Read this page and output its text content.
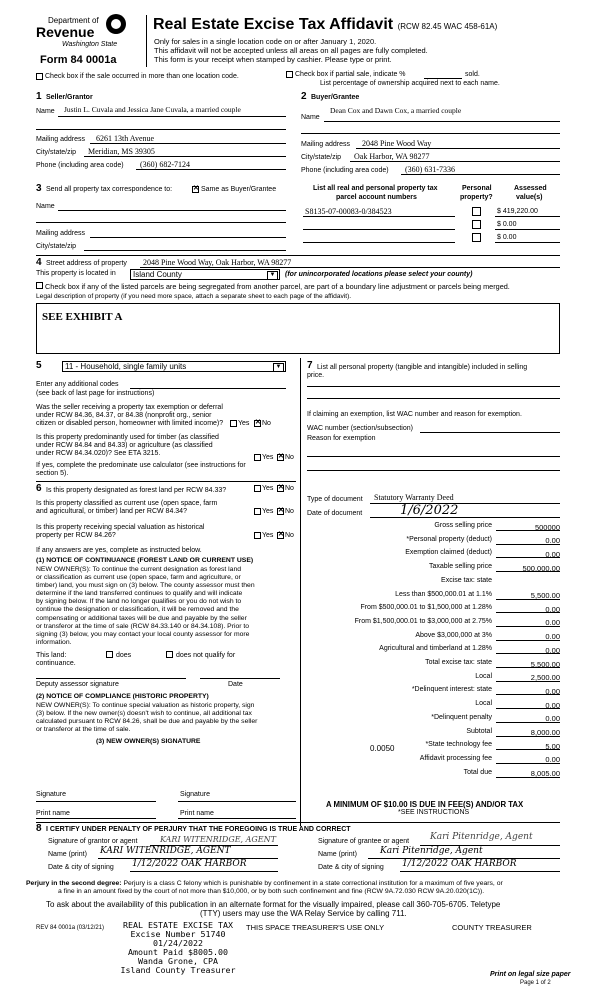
Department of
Revenue
Washington State
Form 84 0001a
Real Estate Excise Tax Affidavit (RCW 82.45 WAC 458-61A)
Only for sales in a single location code on or after January 1, 2020.
This affidavit will not be accepted unless all areas on all pages are fully completed.
This form is your receipt when stamped by cashier. Please type or print.
Check box if the sale occurred in more than one location code.	Check box if partial sale, indicate %	sold.
List percentage of ownership acquired next to each name.
1 Seller/Grantor
Name Justin L. Cuvala and Jessica Jane Cuvala, a married couple
Mailing address 6261 13th Avenue
City/state/zip Meridian, MS 39305
Phone (including area code) (360) 682-7124
2 Buyer/Grantee
Name
Dean Cox and Dawn Cox, a married couple
Mailing address 2048 Pine Wood Way
City/state/zip Oak Harbor, WA 98277
Phone (including area code) (360) 631-7336
3 Send all property tax correspondence to: ✕	Same as Buyer/Grantee
Name
Mailing address
City/state/zip
List all real and personal property tax
parcel account numbers
Personal
property?
Assessed
value(s)
S8135-07-00083-0/384523	$ 419,220.00
$ 0.00
$ 0.00
4 Street address of property 2048 Pine Wood Way, Oak Harbor, WA 98277
This property is located in	Island County	▼	(for unincorporated locations please select your county)
Check box if any of the listed parcels are being segregated from another parcel, are part of a boundary line adjustment or parcels being merged.
Legal description of property (if you need more space, attach a separate sheet to each page of the affidavit).
SEE EXHIBIT A
5	11 - Household, single family units	▼
Enter any additional codes
(see back of last page for instructions)
Was the seller receiving a property tax exemption or deferral
under RCW 84.36, 84.37, or 84.38 (nonprofit org., senior
citizen or disabled person, homeowner with limited income)? Yes ✕ No
Is this property predominantly used for timber (as classified
under RCW 84.84 and 84.33) or agriculture (as classified
under RCW 84.34.020)? See ETA 3215.
Yes ✕ No
If yes, complete the predominate use calculator (see instructions for
section 5).
6 Is this property designated as forest land per RCW 84.33?	Yes ✕ No
Is this property classified as current use (open space, farm
and agricultural, or timber) land per RCW 84.34?	Yes ✕ No
Is this property receiving special valuation as historical
property per RCW 84.26?	Yes ✕ No
If any answers are yes, complete as instructed below.
(1) NOTICE OF CONTINUANCE (FOREST LAND OR CURRENT USE)
NEW OWNER(S): To continue the current designation as forest land
or classification as current use (open space, farm and agriculture, or
timber) land, you must sign on (3) below. The county assessor must then
determine if the land transferred continues to qualify and will indicate
by signing below. If the land no longer qualifies or you do not wish to
continue the designation or classification, it will be removed and the
compensating or additional taxes will be due and payable by the seller
or transferor at the time of sale (RCW 84.33.140 or 84.34.108). Prior to
signing (3) below, you may contact your local county assessor for more
information.
This land:	does	does not qualify for
continuance.
Deputy assessor signature	Date
(2) NOTICE OF COMPLIANCE (HISTORIC PROPERTY)
NEW OWNER(S): To continue special valuation as historic property, sign
(3) below. If the new owner(s) doesn't wish to continue, all additional tax
calculated pursuant to RCW 84.26, shall be due and payable by the seller
or transferor at the time of sale.
(3) NEW OWNER(S) SIGNATURE
Signature	Signature
Print name	Print name
7 List all personal property (tangible and intangible) included in selling
price.
If claiming an exemption, list WAC number and reason for exemption.
WAC number (section/subsection)
Reason for exemption
Type of document Statutory Warranty Deed
Date of document	1/6/2022
Gross selling price	500000
*Personal property (deduct)	0.00
Exemption claimed (deduct)	0.00
Taxable selling price	500,000.00
Excise tax: state
Less than $500,000.01 at 1.1%	5,500.00
From $500,000.01 to $1,500,000 at 1.28%	0.00
From $1,500,000.01 to $3,000,000 at 2.75%	0.00
Above $3,000,000 at 3%	0.00
Agricultural and timberland at 1.28%	0.00
Total excise tax: state	5,500.00
Local	2,500.00
*Delinquent interest: state	0.00
Local	0.00
*Delinquent penalty	0.00
Subtotal	8,000.00
*State technology fee	5.00
Affidavit processing fee	0.00
Total due	8,005.00
0.0050
A MINIMUM OF $10.00 IS DUE IN FEE(S) AND/OR TAX
*SEE INSTRUCTIONS
8 I CERTIFY UNDER PENALTY OF PERJURY THAT THE FOREGOING IS TRUE AND CORRECT
Signature of grantor or agent	KARI WITENRIDGE, AGENT
Name (print) KARI WITENRIDGE, AGENT
Date & city of signing 1/12/2022 OAK HARBOR
Signature of grantee or agent Kari Pitenridge, Agent
Name (print)	Kari Pitenridge, Agent
Date & city of signing 1/12/2022 OAK HARBOR
Perjury in the second degree: Perjury is a class C felony which is punishable by confinement in a state correctional institution for a maximum of five years, or
a fine in an amount fixed by the court of not more than $10,000, or by both such confinement and fine (RCW 9A.72.030 RCW 9A.20.020(1C)).
To ask about the availability of this publication in an alternate format for the visually impaired, please call 360-705-6705. Teletype
(TTY) users may use the WA Relay Service by calling 711.
REV 84 0001a (03/12/21)	REAL ESTATE EXCISE TAX
Excise Number 51740
01/24/2022
Amount Paid $8005.00
Wanda Grone, CPA
Island County Treasurer
THIS SPACE TREASURER'S USE ONLY	COUNTY TREASURER
Print on legal size paper
Page 1 of 2
